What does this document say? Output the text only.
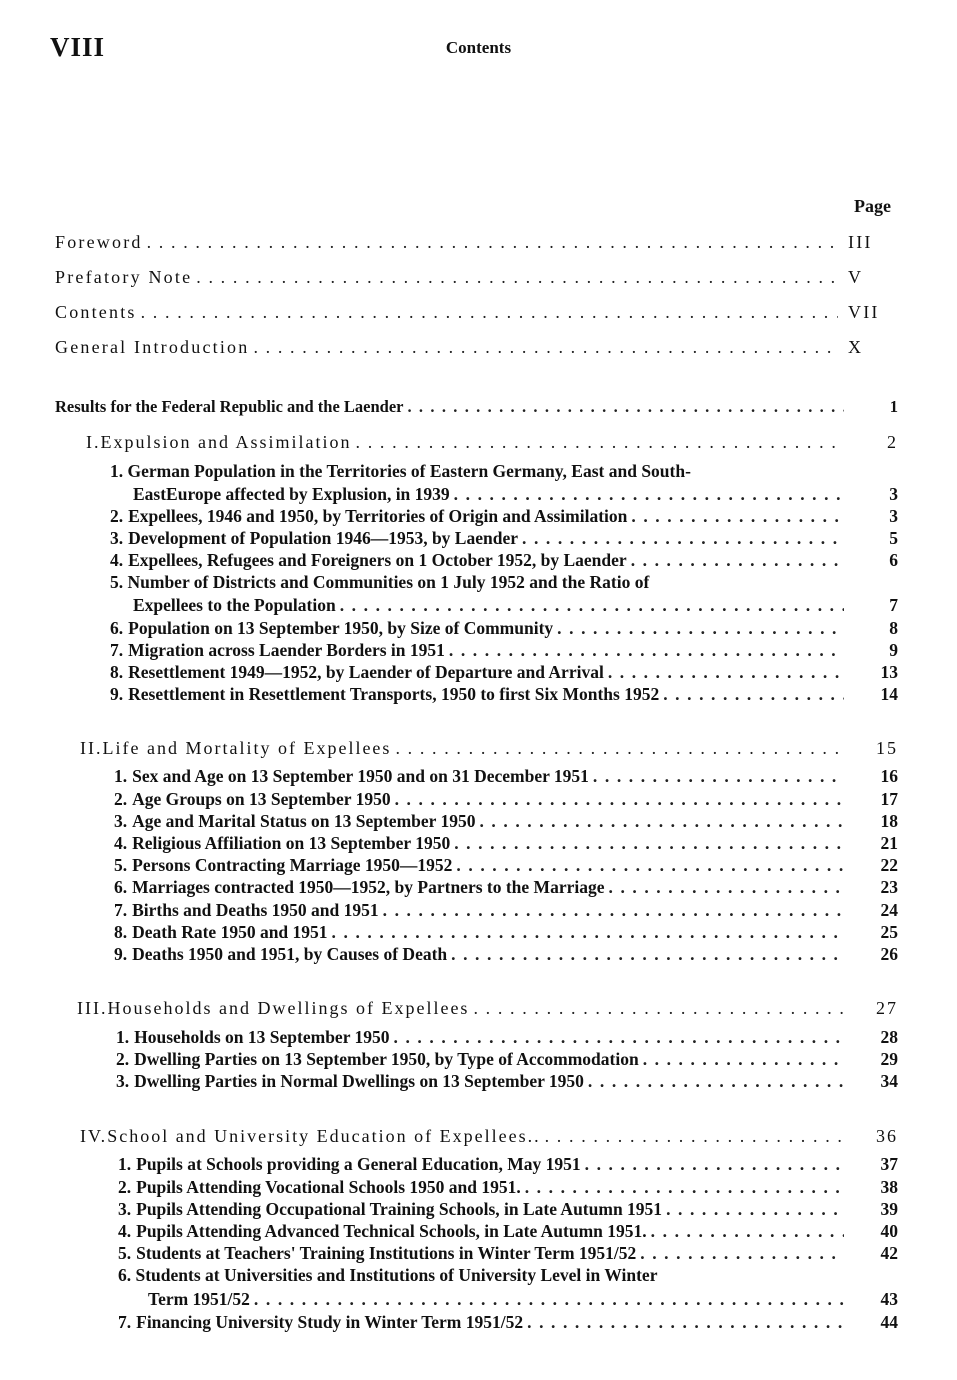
VIII	Contents
Page
Foreword . . .	III
Prefatory Note . . .	V
Contents . . .	VII
General Introduction . . .	X
Results for the Federal Republic and the Laender . . .	1
I.Expulsion and Assimilation . . .	2
1. German Population in the Territories of Eastern Germany, East and South-
EastEurope affected by Explusion, in 1939 . . .	3
2. Expellees, 1946 and 1950, by Territories of Origin and Assimilation . . .	3
3. Development of Population 1946—1953, by Laender . . .	5
4. Expellees, Refugees and Foreigners on 1 October 1952, by Laender . . .	6
5. Number of Districts and Communities on 1 July 1952 and the Ratio of
Expellees to the Population . . .	7
6. Population on 13 September 1950, by Size of Community . . .	8
7. Migration across Laender Borders in 1951 . . .	9
8. Resettlement 1949—1952, by Laender of Departure and Arrival . . .	13
9. Resettlement in Resettlement Transports, 1950 to first Six Months 1952 . . .	14
II.Life and Mortality of Expellees . . .	15
1. Sex and Age on 13 September 1950 and on 31 December 1951 . . .	16
2. Age Groups on 13 September 1950 . . .	17
3. Age and Marital Status on 13 September 1950 . . .	18
4. Religious Affiliation on 13 September 1950 . . .	21
5. Persons Contracting Marriage 1950—1952 . . .	22
6. Marriages contracted 1950—1952, by Partners to the Marriage . . .	23
7. Births and Deaths 1950 and 1951 . . .	24
8. Death Rate 1950 and 1951 . . .	25
9. Deaths 1950 and 1951, by Causes of Death . . .	26
III.Households and Dwellings of Expellees . . .	27
1. Households on 13 September 1950 . . .	28
2. Dwelling Parties on 13 September 1950, by Type of Accommodation . . .	29
3. Dwelling Parties in Normal Dwellings on 13 September 1950 . . .	34
IV.School and University Education of Expellees.. . . .	36
1. Pupils at Schools providing a General Education, May 1951 . . .	37
2. Pupils Attending Vocational Schools 1950 and 1951. . . .	38
3. Pupils Attending Occupational Training Schools, in Late Autumn 1951 . . .	39
4. Pupils Attending Advanced Technical Schools, in Late Autumn 1951. . . .	40
5. Students at Teachers' Training Institutions in Winter Term 1951/52 . . .	42
6. Students at Universities and Institutions of University Level in Winter
Term 1951/52 . . .	43
7. Financing University Study in Winter Term 1951/52 . . .	44
